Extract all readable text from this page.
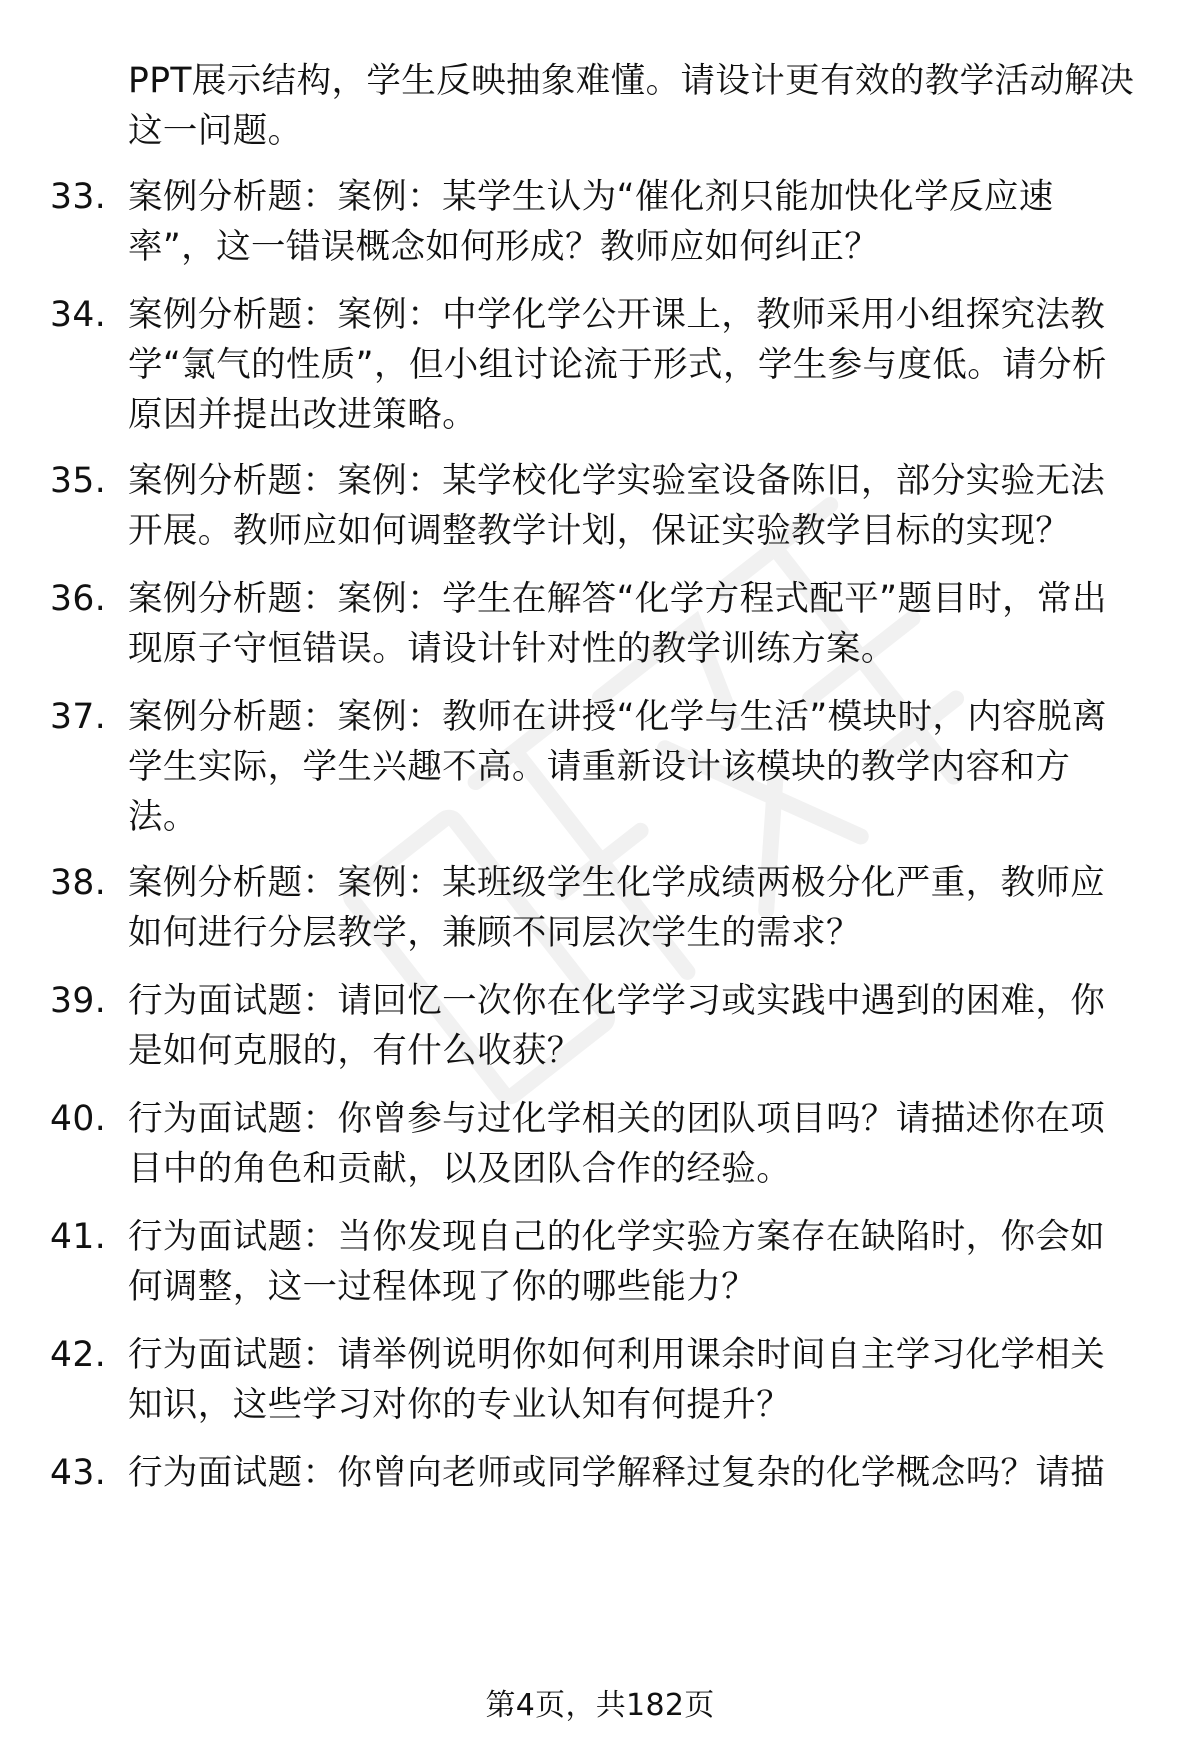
PPT展示结构，学生反映抽象难懂。请设计更有效的教学活动解决这一问题。
33. 案例分析题：案例：某学生认为“催化剂只能加快化学反应速率”，这一错误概念如何形成？教师应如何纠正？
34. 案例分析题：案例：中学化学公开课上，教师采用小组探究法教学“氯气的性质”，但小组讨论流于形式，学生参与度低。请分析原因并提出改进策略。
35. 案例分析题：案例：某学校化学实验室设备陈旧，部分实验无法开展。教师应如何调整教学计划，保证实验教学目标的实现？
36. 案例分析题：案例：学生在解答“化学方程式配平”题目时，常出现原子守恒错误。请设计针对性的教学训练方案。
37. 案例分析题：案例：教师在讲授“化学与生活”模块时，内容脱离学生实际，学生兴趣不高。请重新设计该模块的教学内容和方法。
38. 案例分析题：案例：某班级学生化学成绩两极分化严重，教师应如何进行分层教学，兼顾不同层次学生的需求？
39. 行为面试题：请回忆一次你在化学学习或实践中遇到的困难，你是如何克服的，有什么收获？
40. 行为面试题：你曾参与过化学相关的团队项目吗？请描述你在项目中的角色和贡献，以及团队合作的经验。
41. 行为面试题：当你发现自己的化学实验方案存在缺陷时，你会如何调整，这一过程体现了你的哪些能力？
42. 行为面试题：请举例说明你如何利用课余时间自主学习化学相关知识，这些学习对你的专业认知有何提升？
43. 行为面试题：你曾向老师或同学解释过复杂的化学概念吗？请描
第4页，共182页
